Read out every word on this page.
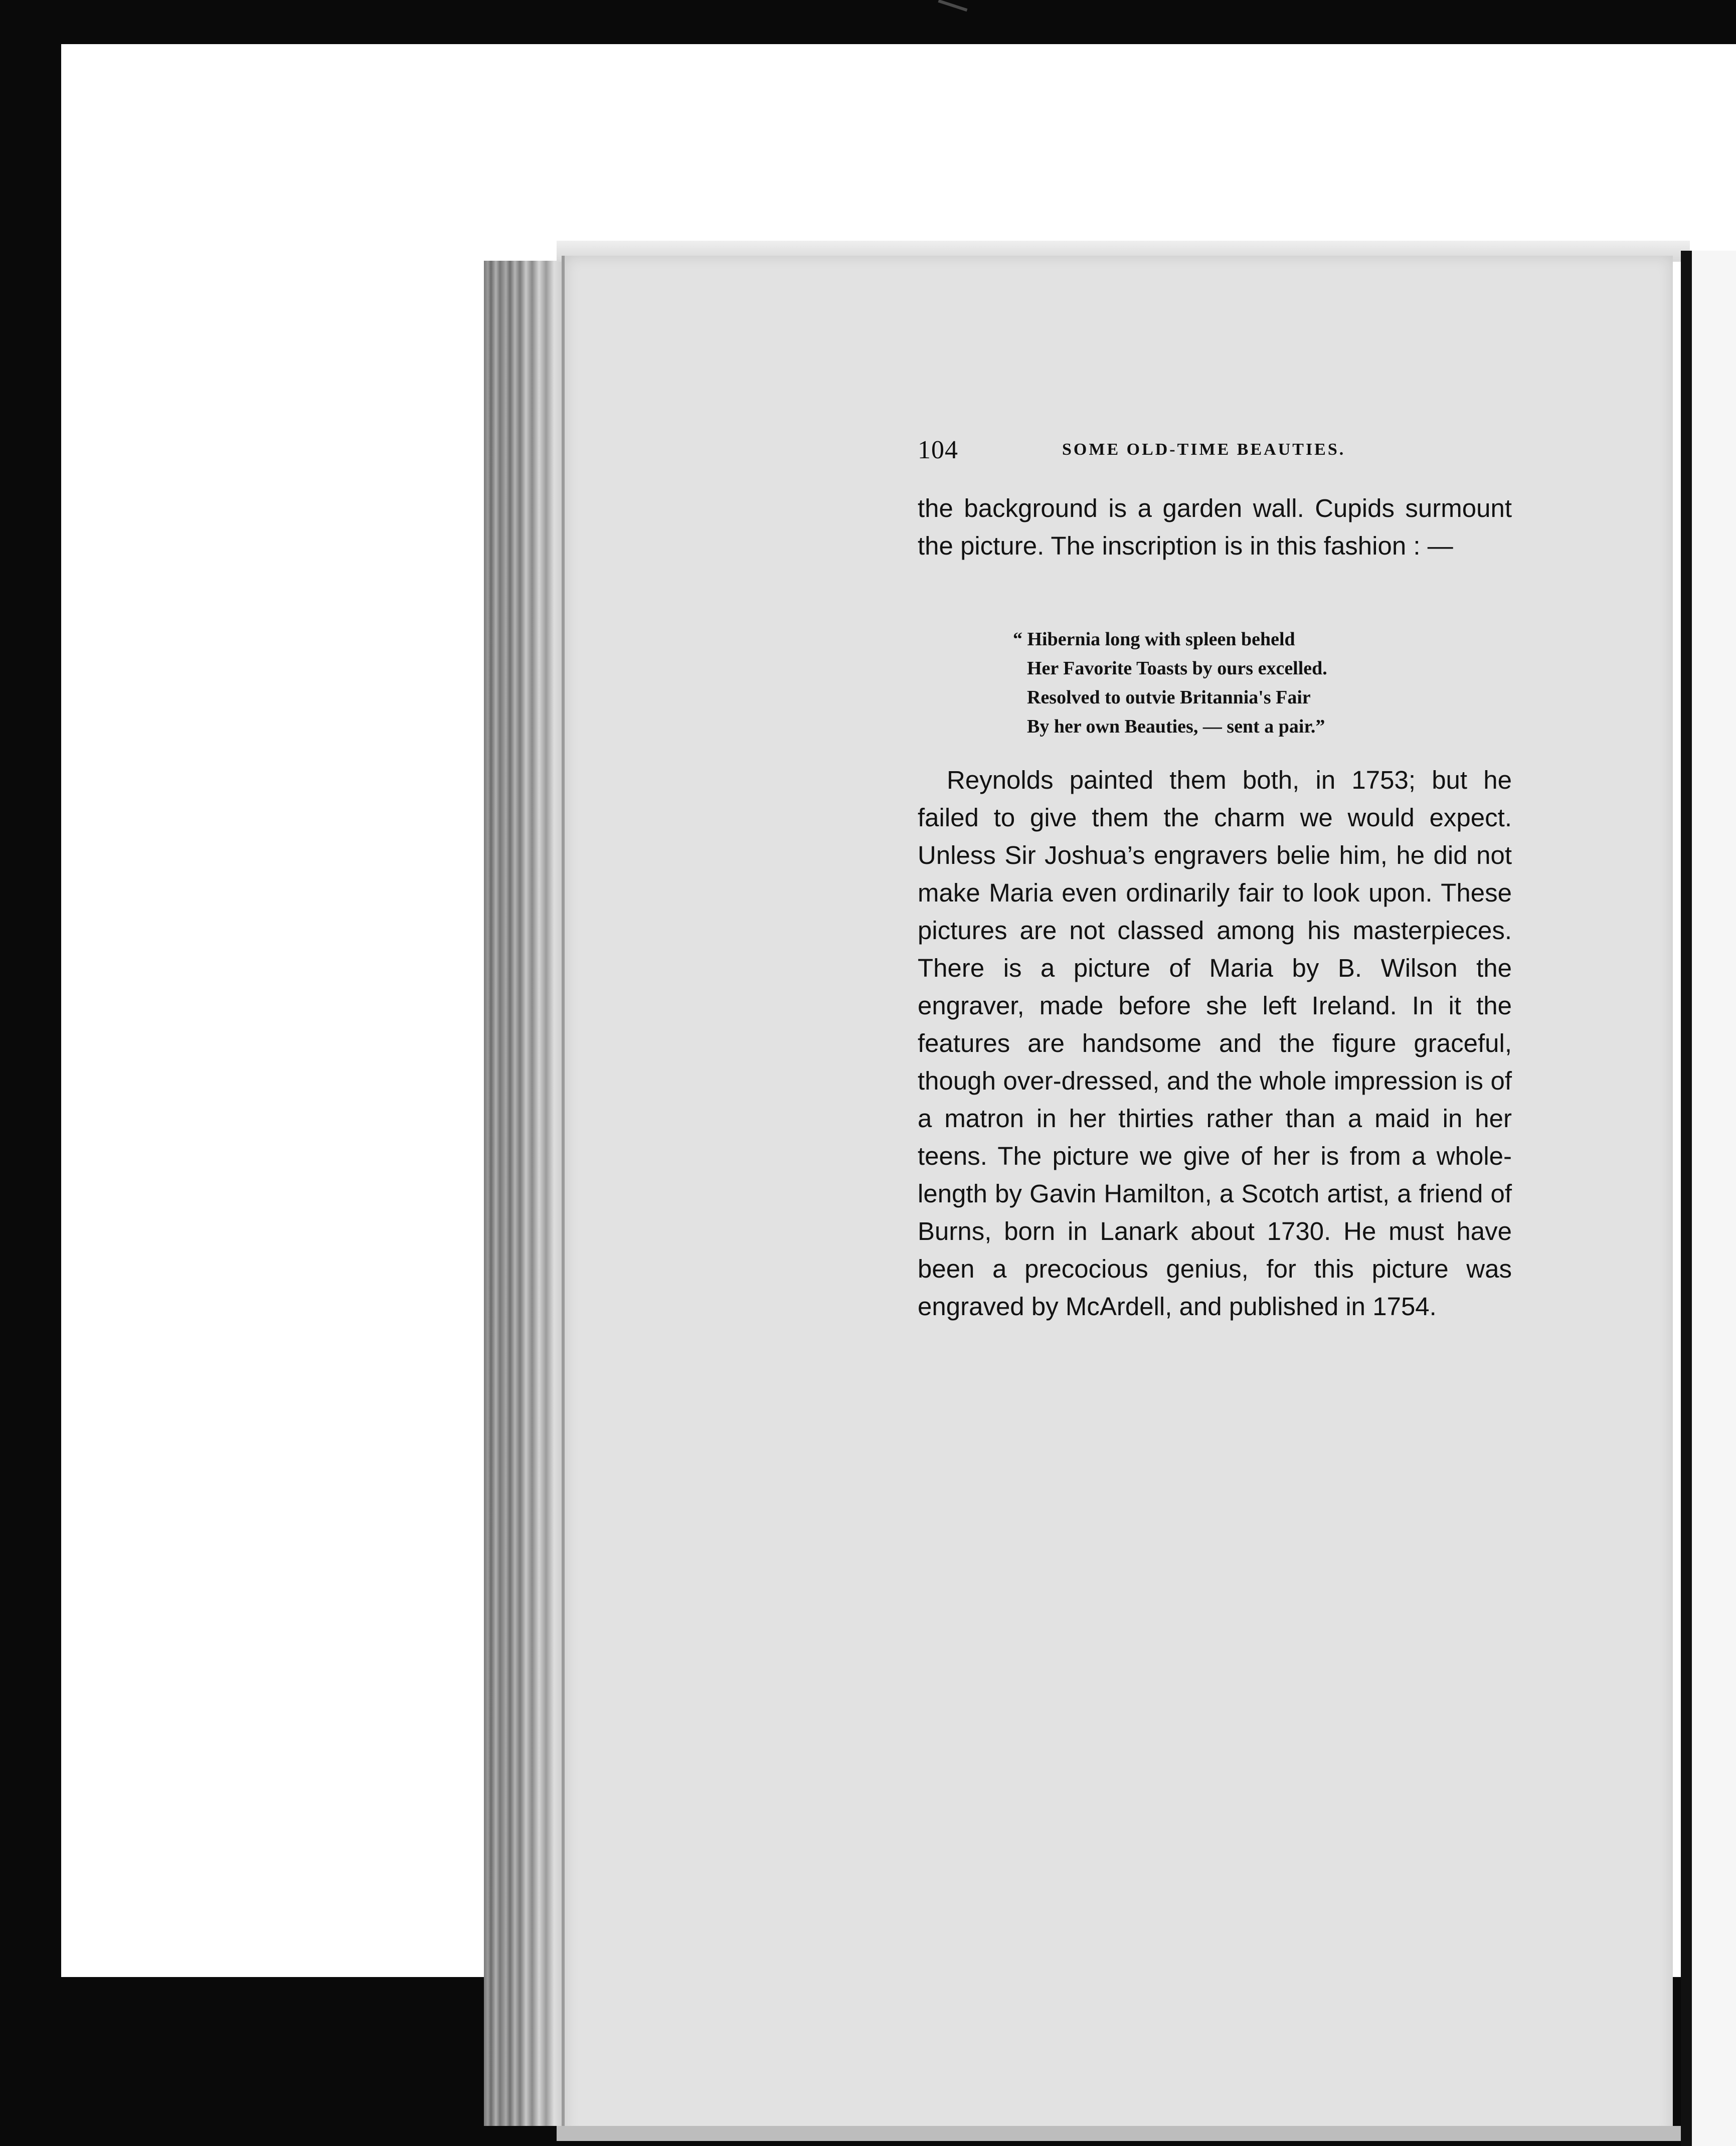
104	SOME OLD-TIME BEAUTIES.

the background is a garden wall. Cupids surmount the picture. The inscription is in this fashion : —

“ Hibernia long with spleen beheld
Her Favorite Toasts by ours excelled.
Resolved to outvie Britannia's Fair
By her own Beauties, — sent a pair.”

Reynolds painted them both, in 1753; but he failed to give them the charm we would expect. Unless Sir Joshua’s engravers belie him, he did not make Maria even ordinarily fair to look upon. These pictures are not classed among his masterpieces. There is a picture of Maria by B. Wilson the engraver, made before she left Ireland. In it the features are handsome and the figure graceful, though over-dressed, and the whole impression is of a matron in her thirties rather than a maid in her teens. The picture we give of her is from a whole-length by Gavin Hamilton, a Scotch artist, a friend of Burns, born in Lanark about 1730. He must have been a precocious genius, for this picture was engraved by McArdell, and published in 1754.
